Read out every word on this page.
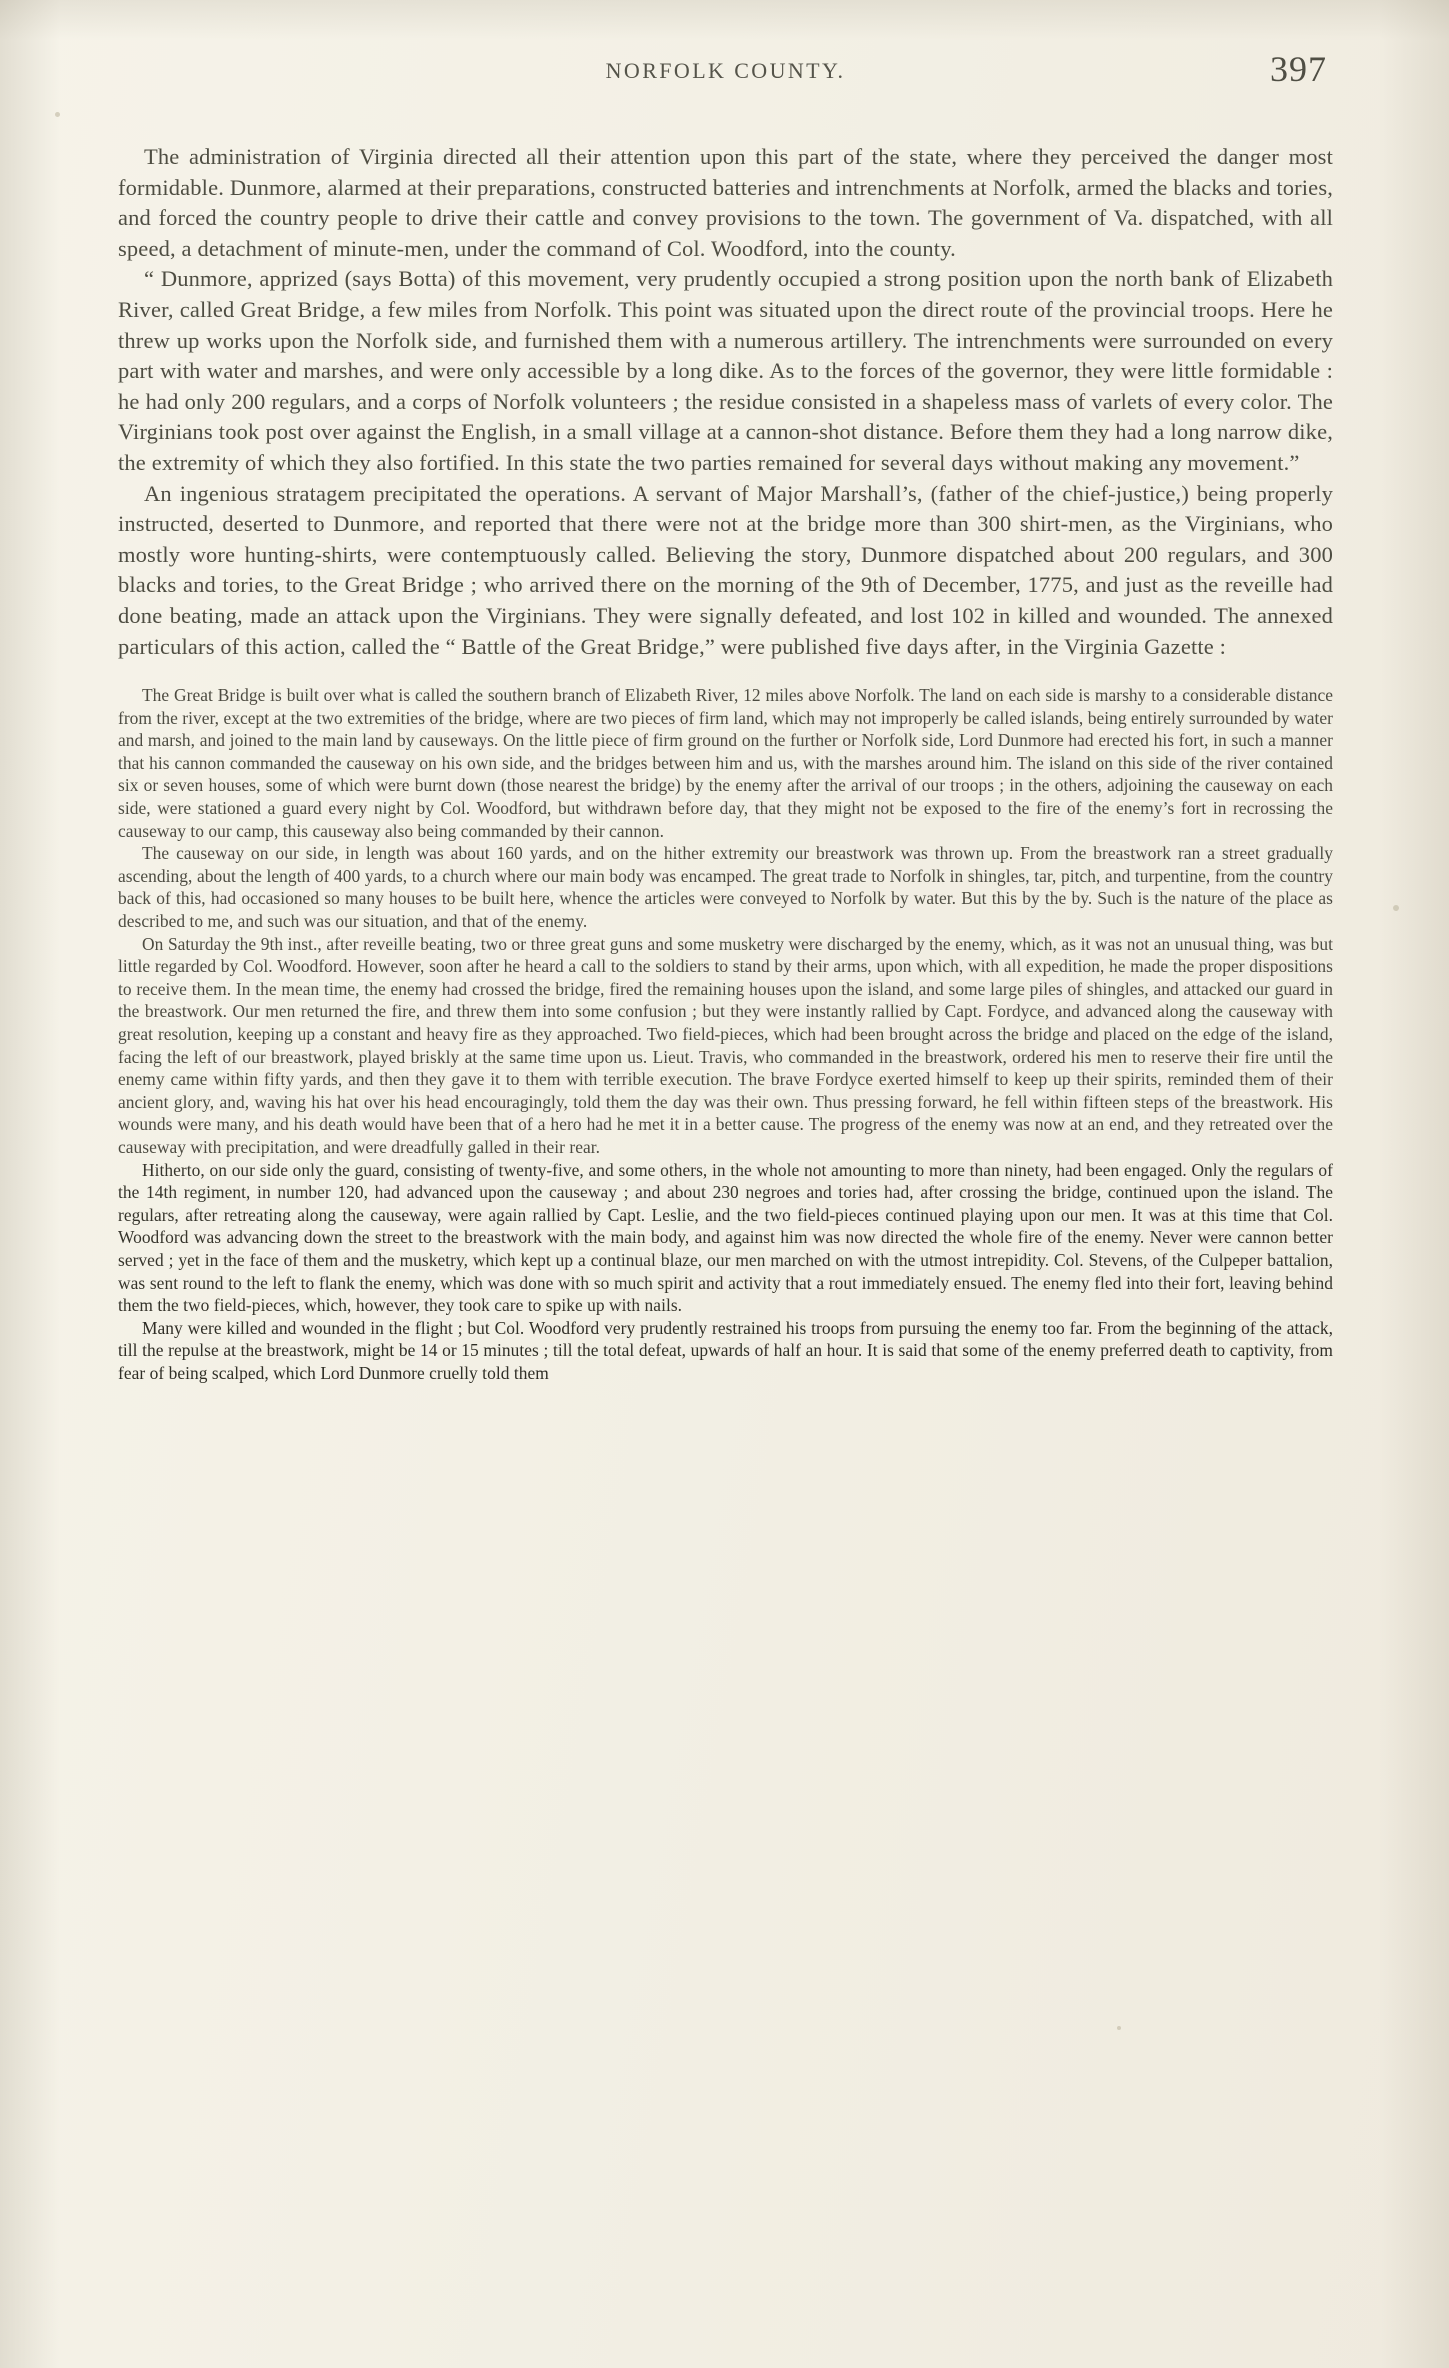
NORFOLK COUNTY.	397

The administration of Virginia directed all their attention upon this part of the state, where they perceived the danger most formidable. Dunmore, alarmed at their preparations, constructed batteries and intrenchments at Norfolk, armed the blacks and tories, and forced the country people to drive their cattle and convey provisions to the town. The government of Va. dispatched, with all speed, a detachment of minute-men, under the command of Col. Woodford, into the county.

“ Dunmore, apprized (says Botta) of this movement, very prudently occupied a strong position upon the north bank of Elizabeth River, called Great Bridge, a few miles from Norfolk. This point was situated upon the direct route of the provincial troops. Here he threw up works upon the Norfolk side, and furnished them with a numerous artillery. The intrenchments were surrounded on every part with water and marshes, and were only accessible by a long dike. As to the forces of the governor, they were little formidable : he had only 200 regulars, and a corps of Norfolk volunteers ; the residue consisted in a shapeless mass of varlets of every color. The Virginians took post over against the English, in a small village at a cannon-shot distance. Before them they had a long narrow dike, the extremity of which they also fortified. In this state the two parties remained for several days without making any movement.”

An ingenious stratagem precipitated the operations. A servant of Major Marshall’s, (father of the chief-justice,) being properly instructed, deserted to Dunmore, and reported that there were not at the bridge more than 300 shirt-men, as the Virginians, who mostly wore hunting-shirts, were contemptuously called. Believing the story, Dunmore dispatched about 200 regulars, and 300 blacks and tories, to the Great Bridge ; who arrived there on the morning of the 9th of December, 1775, and just as the reveille had done beating, made an attack upon the Virginians. They were signally defeated, and lost 102 in killed and wounded. The annexed particulars of this action, called the “ Battle of the Great Bridge,” were published five days after, in the Virginia Gazette :

The Great Bridge is built over what is called the southern branch of Elizabeth River, 12 miles above Norfolk. The land on each side is marshy to a considerable distance from the river, except at the two extremities of the bridge, where are two pieces of firm land, which may not improperly be called islands, being entirely surrounded by water and marsh, and joined to the main land by causeways. On the little piece of firm ground on the further or Norfolk side, Lord Dunmore had erected his fort, in such a manner that his cannon commanded the causeway on his own side, and the bridges between him and us, with the marshes around him. The island on this side of the river contained six or seven houses, some of which were burnt down (those nearest the bridge) by the enemy after the arrival of our troops ; in the others, adjoining the causeway on each side, were stationed a guard every night by Col. Woodford, but withdrawn before day, that they might not be exposed to the fire of the enemy’s fort in recrossing the causeway to our camp, this causeway also being commanded by their cannon.

The causeway on our side, in length was about 160 yards, and on the hither extremity our breastwork was thrown up. From the breastwork ran a street gradually ascending, about the length of 400 yards, to a church where our main body was encamped. The great trade to Norfolk in shingles, tar, pitch, and turpentine, from the country back of this, had occasioned so many houses to be built here, whence the articles were conveyed to Norfolk by water. But this by the by. Such is the nature of the place as described to me, and such was our situation, and that of the enemy.

On Saturday the 9th inst., after reveille beating, two or three great guns and some musketry were discharged by the enemy, which, as it was not an unusual thing, was but little regarded by Col. Woodford. However, soon after he heard a call to the soldiers to stand by their arms, upon which, with all expedition, he made the proper dispositions to receive them. In the mean time, the enemy had crossed the bridge, fired the remaining houses upon the island, and some large piles of shingles, and attacked our guard in the breastwork. Our men returned the fire, and threw them into some confusion ; but they were instantly rallied by Capt. Fordyce, and advanced along the causeway with great resolution, keeping up a constant and heavy fire as they approached. Two field-pieces, which had been brought across the bridge and placed on the edge of the island, facing the left of our breastwork, played briskly at the same time upon us. Lieut. Travis, who commanded in the breastwork, ordered his men to reserve their fire until the enemy came within fifty yards, and then they gave it to them with terrible execution. The brave Fordyce exerted himself to keep up their spirits, reminded them of their ancient glory, and, waving his hat over his head encouragingly, told them the day was their own. Thus pressing forward, he fell within fifteen steps of the breastwork. His wounds were many, and his death would have been that of a hero had he met it in a better cause. The progress of the enemy was now at an end, and they retreated over the causeway with precipitation, and were dreadfully galled in their rear.

Hitherto, on our side only the guard, consisting of twenty-five, and some others, in the whole not amounting to more than ninety, had been engaged. Only the regulars of the 14th regiment, in number 120, had advanced upon the causeway ; and about 230 negroes and tories had, after crossing the bridge, continued upon the island. The regulars, after retreating along the causeway, were again rallied by Capt. Leslie, and the two field-pieces continued playing upon our men. It was at this time that Col. Woodford was advancing down the street to the breastwork with the main body, and against him was now directed the whole fire of the enemy. Never were cannon better served ; yet in the face of them and the musketry, which kept up a continual blaze, our men marched on with the utmost intrepidity. Col. Stevens, of the Culpeper battalion, was sent round to the left to flank the enemy, which was done with so much spirit and activity that a rout immediately ensued. The enemy fled into their fort, leaving behind them the two field-pieces, which, however, they took care to spike up with nails.

Many were killed and wounded in the flight ; but Col. Woodford very prudently restrained his troops from pursuing the enemy too far. From the beginning of the attack, till the repulse at the breastwork, might be 14 or 15 minutes ; till the total defeat, upwards of half an hour. It is said that some of the enemy preferred death to captivity, from fear of being scalped, which Lord Dunmore cruelly told them
